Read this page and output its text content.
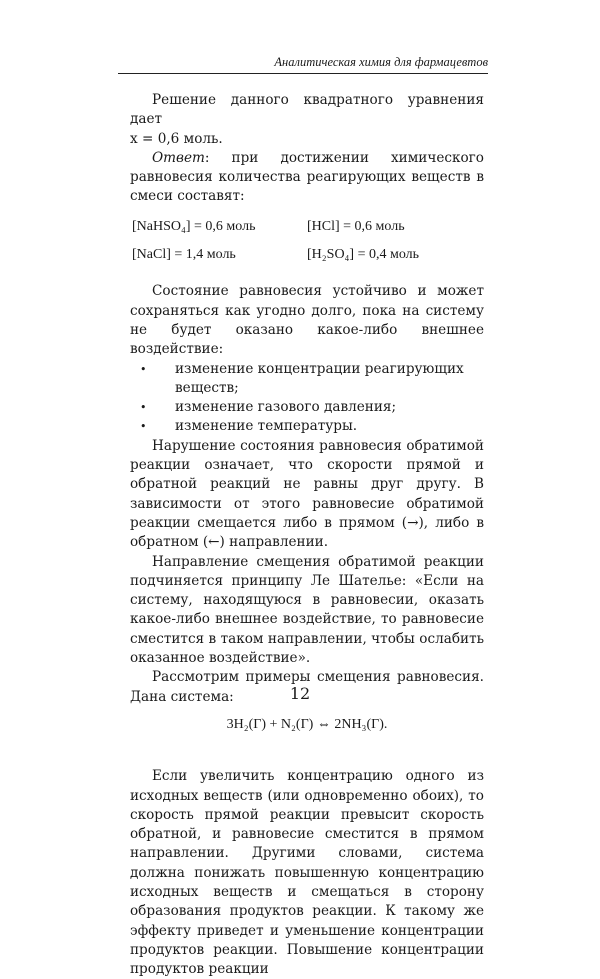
Аналитическая химия для фармацевтов

Решение данного квадратного уравнения дает
x = 0,6 моль.

Ответ: при достижении химического равновесия количества реагирующих веществ в смеси составят:

[NaHSO₄] = 0,6 моль	[HCl] = 0,6 моль
[NaCl] = 1,4 моль	[H₂SO₄] = 0,4 моль

Состояние равновесия устойчиво и может сохраняться как угодно долго, пока на систему не будет оказано какое-либо внешнее воздействие:

• изменение концентрации реагирующих веществ;
• изменение газового давления;
• изменение температуры.

Нарушение состояния равновесия обратимой реакции означает, что скорости прямой и обратной реакций не равны друг другу. В зависимости от этого равновесие обратимой реакции смещается либо в прямом (→), либо в обратном (←) направлении.

Направление смещения обратимой реакции подчиняется принципу Ле Шателье: «Если на систему, находящуюся в равновесии, оказать какое-либо внешнее воздействие, то равновесие сместится в таком направлении, чтобы ослабить оказанное воздействие».

Рассмотрим примеры смещения равновесия. Дана система:

3H₂(Г) + N₂(Г) ⇔ 2NH₃(Г).

Если увеличить концентрацию одного из исходных веществ (или одновременно обоих), то скорость прямой реакции превысит скорость обратной, и равновесие сместится в прямом направлении. Другими словами, система должна понижать повышенную концентрацию исходных веществ и смещаться в сторону образования продуктов реакции. К такому же эффекту приведет и уменьшение концентрации продуктов реакции. Повышение концентрации продуктов реакции

12
